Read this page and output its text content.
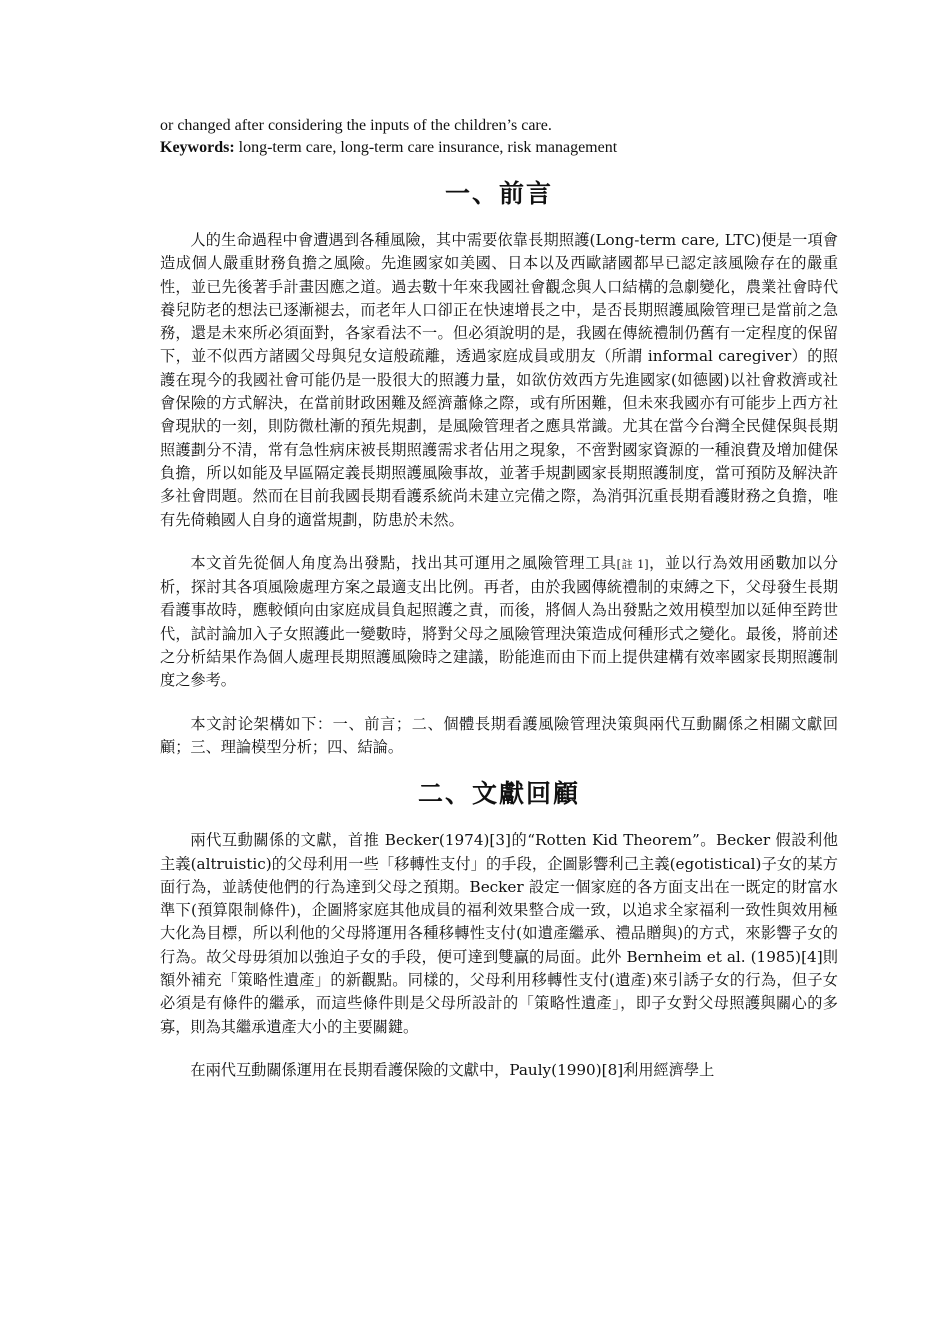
or changed after considering the inputs of the children’s care.

Keywords: long-term care, long-term care insurance, risk management

一、前言

人的生命過程中會遭遇到各種風險，其中需要依靠長期照護(Long-term care, LTC)便是一項會造成個人嚴重財務負擔之風險。先進國家如美國、日本以及西歐諸國都早已認定該風險存在的嚴重性，並已先後著手計畫因應之道。過去數十年來我國社會觀念與人口結構的急劇變化，農業社會時代養兒防老的想法已逐漸褪去，而老年人口卻正在快速增長之中，是否長期照護風險管理已是當前之急務，還是未來所必須面對，各家看法不一。但必須說明的是，我國在傳統禮制仍舊有一定程度的保留下，並不似西方諸國父母與兒女這般疏離，透過家庭成員或朋友（所謂 informal caregiver）的照護在現今的我國社會可能仍是一股很大的照護力量，如欲仿效西方先進國家(如德國)以社會救濟或社會保險的方式解決，在當前財政困難及經濟蕭條之際，或有所困難，但未來我國亦有可能步上西方社會現狀的一刻，則防微杜漸的預先規劃，是風險管理者之應具常識。尤其在當今台灣全民健保與長期照護劃分不清，常有急性病床被長期照護需求者佔用之現象，不啻對國家資源的一種浪費及增加健保負擔，所以如能及早區隔定義長期照護風險事故，並著手規劃國家長期照護制度，當可預防及解決許多社會問題。然而在目前我國長期看護系統尚未建立完備之際，為消弭沉重長期看護財務之負擔，唯有先倚賴國人自身的適當規劃，防患於未然。

本文首先從個人角度為出發點，找出其可運用之風險管理工具[註 1]，並以行為效用函數加以分析，探討其各項風險處理方案之最適支出比例。再者，由於我國傳統禮制的束縛之下，父母發生長期看護事故時，應較傾向由家庭成員負起照護之責，而後，將個人為出發點之效用模型加以延伸至跨世代，試討論加入子女照護此一變數時，將對父母之風險管理決策造成何種形式之變化。最後，將前述之分析結果作為個人處理長期照護風險時之建議，盼能進而由下而上提供建構有效率國家長期照護制度之參考。

本文討论架構如下：一、前言；二、個體長期看護風險管理決策與兩代互動關係之相關文獻回顧；三、理論模型分析；四、結論。

二、文獻回顧

兩代互動關係的文獻，首推 Becker(1974)[3]的“Rotten Kid Theorem”。Becker 假設利他主義(altruistic)的父母利用一些「移轉性支付」的手段，企圖影響利己主義(egotistical)子女的某方面行為，並誘使他們的行為達到父母之預期。Becker 設定一個家庭的各方面支出在一既定的財富水準下(預算限制條件)，企圖將家庭其他成員的福利效果整合成一致，以追求全家福利一致性與效用極大化為目標，所以利他的父母將運用各種移轉性支付(如遺產繼承、禮品贈與)的方式，來影響子女的行為。故父母毋須加以強迫子女的手段，便可達到雙贏的局面。此外 Bernheim et al. (1985)[4]則額外補充「策略性遺產」的新觀點。同樣的，父母利用移轉性支付(遺產)來引誘子女的行為，但子女必須是有條件的繼承，而這些條件則是父母所設計的「策略性遺產」，即子女對父母照護與關心的多寡，則為其繼承遺產大小的主要關鍵。

在兩代互動關係運用在長期看護保險的文獻中，Pauly(1990)[8]利用經濟學上
